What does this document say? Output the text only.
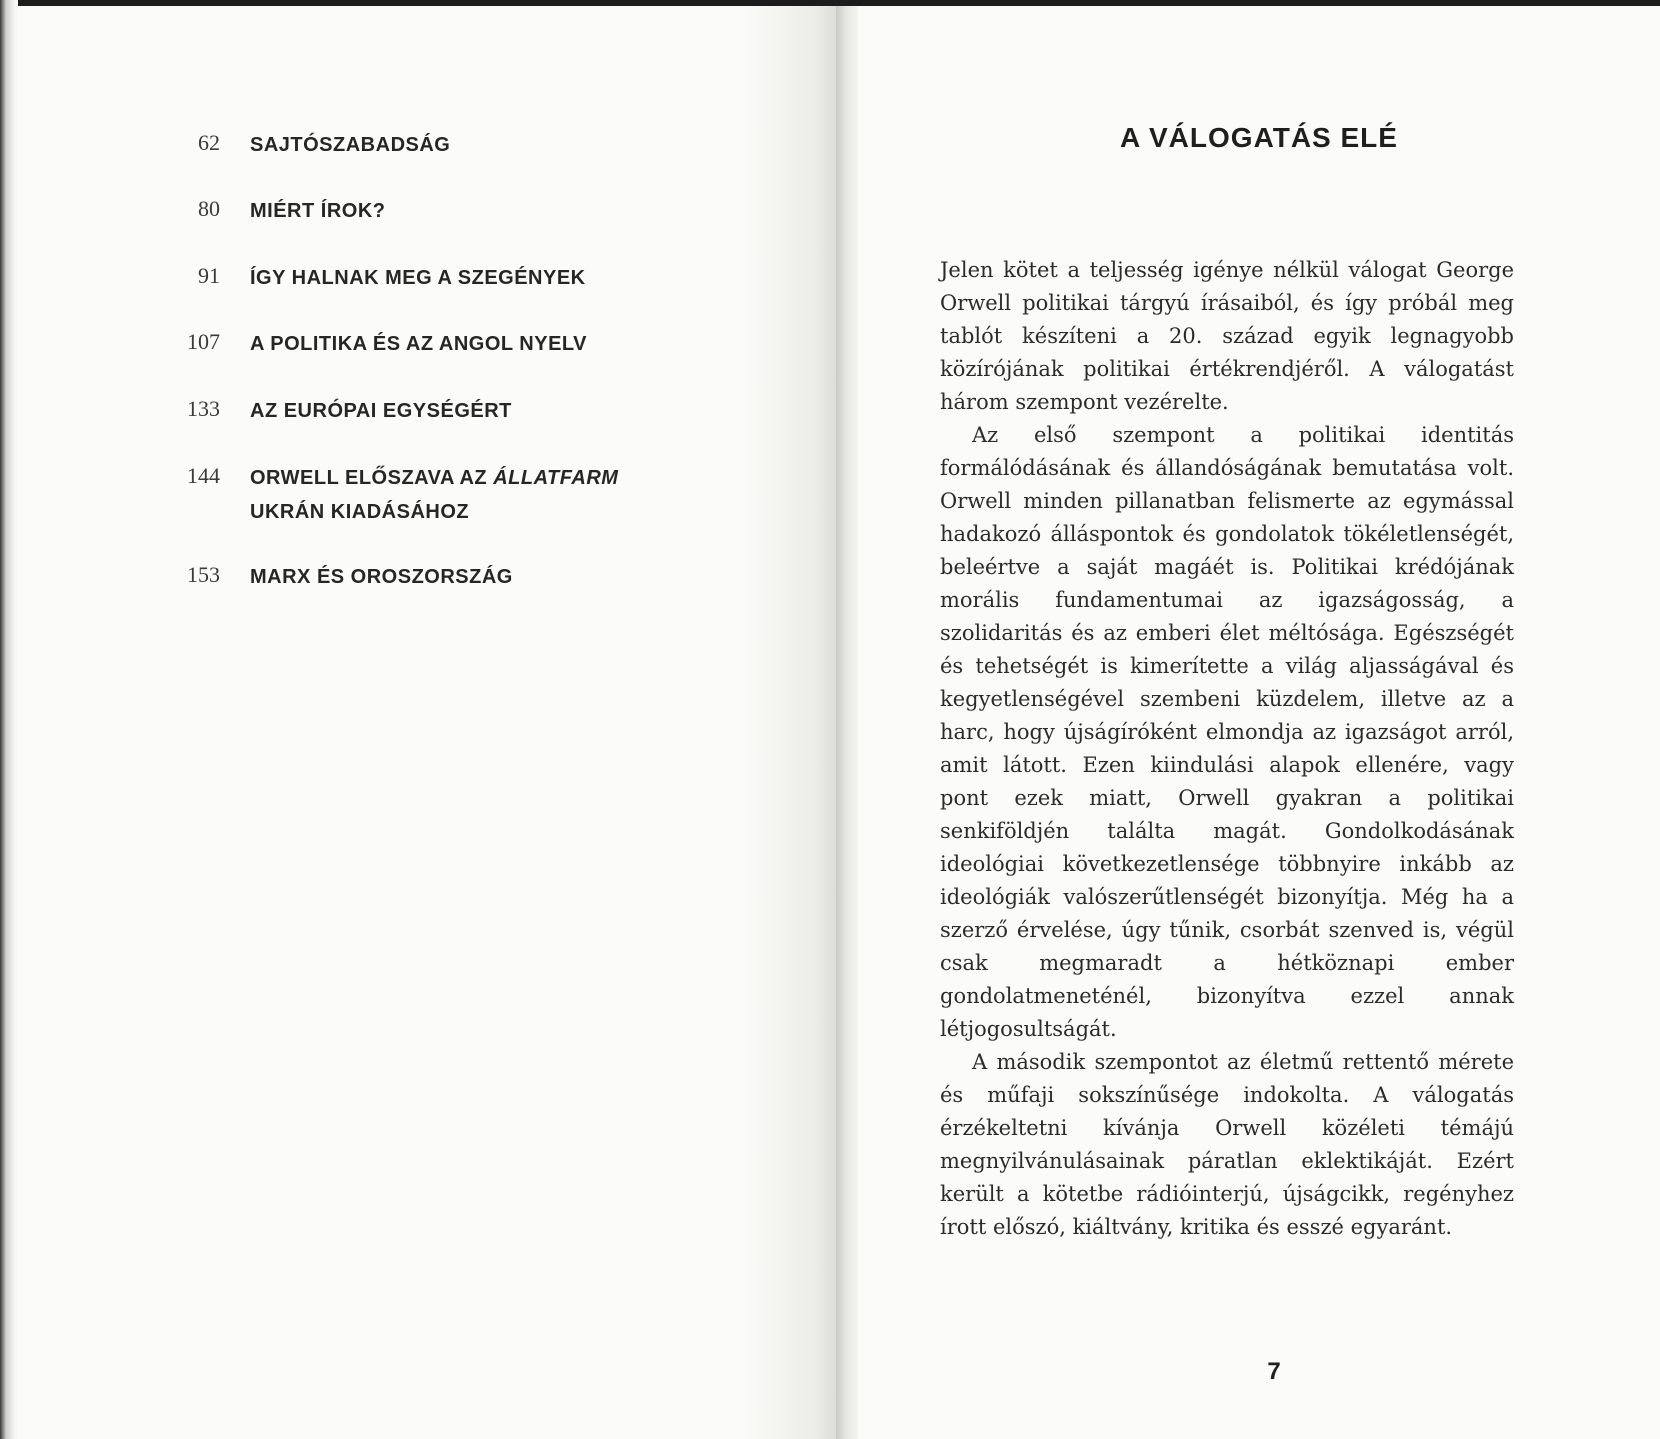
62 SAJTÓSZABADSÁG
80 MIÉRT ÍROK?
91 ÍGY HALNAK MEG A SZEGÉNYEK
107 A POLITIKA ÉS AZ ANGOL NYELV
133 AZ EURÓPAI EGYSÉGÉRT
144 ORWELL ELŐSZAVA AZ ÁLLATFARM
UKRÁN KIADÁSÁHOZ
153 MARX ÉS OROSZORSZÁG
A VÁLOGATÁS ELÉ

Jelen kötet a teljesség igénye nélkül válogat George Orwell politikai tárgyú írásaiból, és így próbál meg tablót készíteni a 20. század egyik legnagyobb közírójának politikai értékrendjéről. A válogatást három szempont vezérelte.

Az első szempont a politikai identitás formálódásának és állandóságának bemutatása volt. Orwell minden pillanatban felismerte az egymással hadakozó álláspontok és gondolatok tökéletlenségét, beleértve a saját magáét is. Politikai krédójának morális fundamentumai az igazságosság, a szolidaritás és az emberi élet méltósága. Egészségét és tehetségét is kimerítette a világ aljasságával és kegyetlenségével szembeni küzdelem, illetve az a harc, hogy újságíróként elmondja az igazságot arról, amit látott. Ezen kiindulási alapok ellenére, vagy pont ezek miatt, Orwell gyakran a politikai senkiföldjén találta magát. Gondolkodásának ideológiai következetlensége többnyire inkább az ideológiák valószerűtlenségét bizonyítja. Még ha a szerző érvelése, úgy tűnik, csorbát szenved is, végül csak megmaradt a hétköznapi ember gondolatmeneténél, bizonyítva ezzel annak létjogosultságát.

A második szempontot az életmű rettentő mérete és műfaji sokszínűsége indokolta. A válogatás érzékeltetni kívánja Orwell közéleti témájú megnyilvánulásainak páratlan eklektikáját. Ezért került a kötetbe rádióinterjú, újságcikk, regényhez írott előszó, kiáltvány, kritika és esszé egyaránt.

7
